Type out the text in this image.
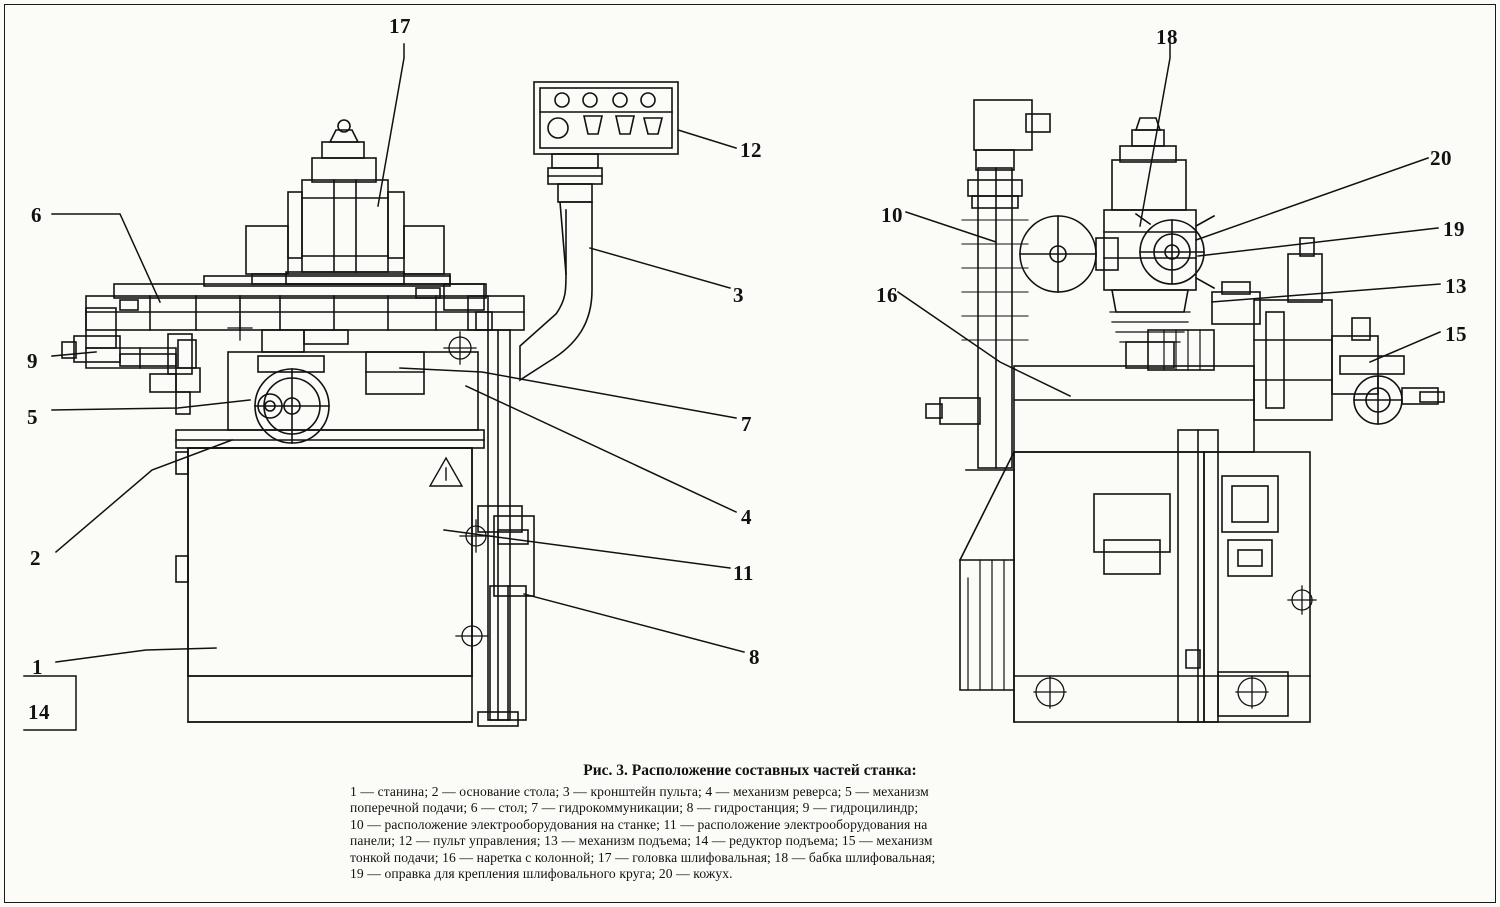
17	18
20
12
19
6	10
13
3	16
15
9
5	7
4
2
11
8
1
14
Рис. 3. Расположение составных частей станка:
1 — станина; 2 — основание стола; 3 — кронштейн пульта; 4 — механизм реверса; 5 — механизм
поперечной подачи; 6 — стол; 7 — гидрокоммуникации; 8 — гидростанция; 9 — гидроцилиндр;
10 — расположение электрооборудования на станке; 11 — расположение электрооборудования на
панели; 12 — пульт управления; 13 — механизм подъема; 14 — редуктор подъема; 15 — механизм
тонкой подачи; 16 — наретка с колонной; 17 — головка шлифовальная; 18 — бабка шлифовальная;
19 — оправка для крепления шлифовального круга; 20 — кожух.
